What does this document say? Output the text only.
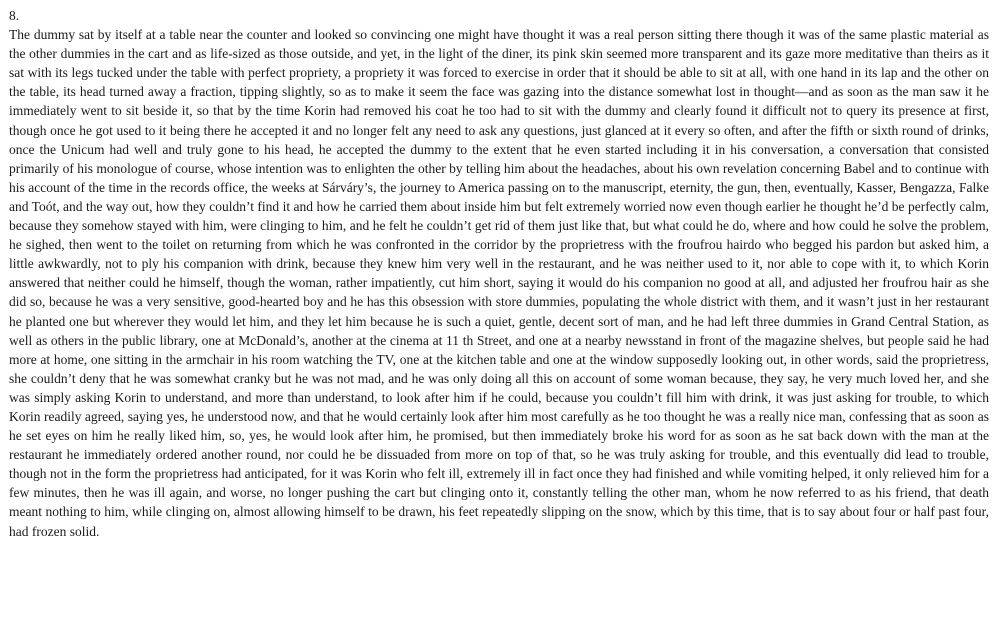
8.

The dummy sat by itself at a table near the counter and looked so convincing one might have thought it was a real person sitting there though it was of the same plastic material as the other dummies in the cart and as life-sized as those outside, and yet, in the light of the diner, its pink skin seemed more transparent and its gaze more meditative than theirs as it sat with its legs tucked under the table with perfect propriety, a propriety it was forced to exercise in order that it should be able to sit at all, with one hand in its lap and the other on the table, its head turned away a fraction, tipping slightly, so as to make it seem the face was gazing into the distance somewhat lost in thought—and as soon as the man saw it he immediately went to sit beside it, so that by the time Korin had removed his coat he too had to sit with the dummy and clearly found it difficult not to query its presence at first, though once he got used to it being there he accepted it and no longer felt any need to ask any questions, just glanced at it every so often, and after the fifth or sixth round of drinks, once the Unicum had well and truly gone to his head, he accepted the dummy to the extent that he even started including it in his conversation, a conversation that consisted primarily of his monologue of course, whose intention was to enlighten the other by telling him about the headaches, about his own revelation concerning Babel and to continue with his account of the time in the records office, the weeks at Sárváry’s, the journey to America passing on to the manuscript, eternity, the gun, then, eventually, Kasser, Bengazza, Falke and Toót, and the way out, how they couldn’t find it and how he carried them about inside him but felt extremely worried now even though earlier he thought he’d be perfectly calm, because they somehow stayed with him, were clinging to him, and he felt he couldn’t get rid of them just like that, but what could he do, where and how could he solve the problem, he sighed, then went to the toilet on returning from which he was confronted in the corridor by the proprietress with the froufrou hairdo who begged his pardon but asked him, a little awkwardly, not to ply his companion with drink, because they knew him very well in the restaurant, and he was neither used to it, nor able to cope with it, to which Korin answered that neither could he himself, though the woman, rather impatiently, cut him short, saying it would do his companion no good at all, and adjusted her froufrou hair as she did so, because he was a very sensitive, good-hearted boy and he has this obsession with store dummies, populating the whole district with them, and it wasn’t just in her restaurant he planted one but wherever they would let him, and they let him because he is such a quiet, gentle, decent sort of man, and he had left three dummies in Grand Central Station, as well as others in the public library, one at McDonald’s, another at the cinema at 11 th Street, and one at a nearby newsstand in front of the magazine shelves, but people said he had more at home, one sitting in the armchair in his room watching the TV, one at the kitchen table and one at the window supposedly looking out, in other words, said the proprietress, she couldn’t deny that he was somewhat cranky but he was not mad, and he was only doing all this on account of some woman because, they say, he very much loved her, and she was simply asking Korin to understand, and more than understand, to look after him if he could, because you couldn’t fill him with drink, it was just asking for trouble, to which Korin readily agreed, saying yes, he understood now, and that he would certainly look after him most carefully as he too thought he was a really nice man, confessing that as soon as he set eyes on him he really liked him, so, yes, he would look after him, he promised, but then immediately broke his word for as soon as he sat back down with the man at the restaurant he immediately ordered another round, nor could he be dissuaded from more on top of that, so he was truly asking for trouble, and this eventually did lead to trouble, though not in the form the proprietress had anticipated, for it was Korin who felt ill, extremely ill in fact once they had finished and while vomiting helped, it only relieved him for a few minutes, then he was ill again, and worse, no longer pushing the cart but clinging onto it, constantly telling the other man, whom he now referred to as his friend, that death meant nothing to him, while clinging on, almost allowing himself to be drawn, his feet repeatedly slipping on the snow, which by this time, that is to say about four or half past four, had frozen solid.
